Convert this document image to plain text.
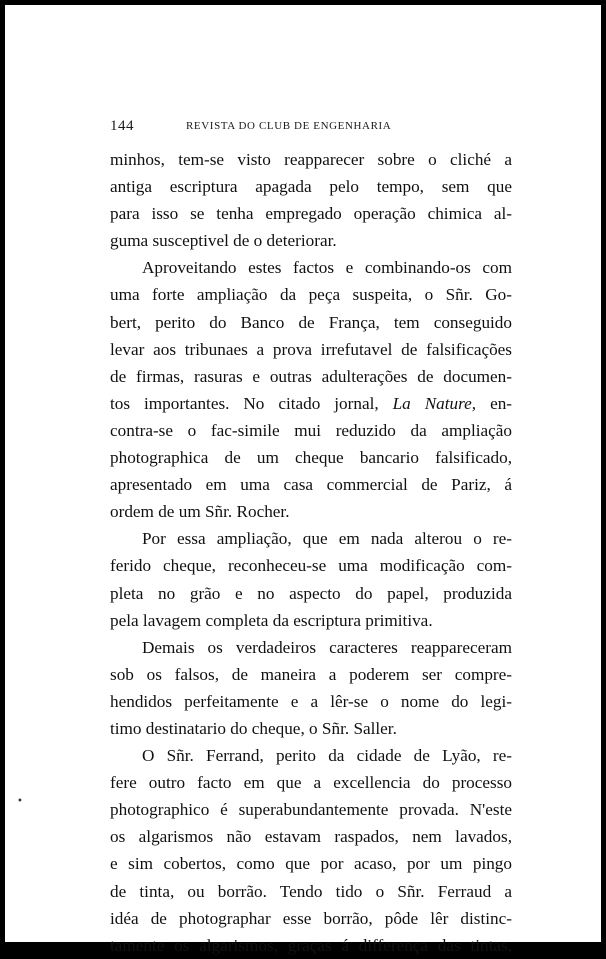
144	REVISTA DO CLUB DE ENGENHARIA
minhos, tem-se visto reapparecer sobre o cliché a
antiga escriptura apagada pelo tempo, sem que
para isso se tenha empregado operação chimica al-
guma susceptivel de o deteriorar.
Aproveitando estes factos e combinando-os com
uma forte ampliação da peça suspeita, o Sñr. Go-
bert, perito do Banco de França, tem conseguido
levar aos tribunaes a prova irrefutavel de falsificações
de firmas, rasuras e outras adulterações de documen-
tos importantes. No citado jornal, La Nature, en-
contra-se o fac-simile mui reduzido da ampliação
photographica de um cheque bancario falsificado,
apresentado em uma casa commercial de Pariz, á
ordem de um Sñr. Rocher.
Por essa ampliação, que em nada alterou o re-
ferido cheque, reconheceu-se uma modificação com-
pleta no grão e no aspecto do papel, produzida
pela lavagem completa da escriptura primitiva.
Demais os verdadeiros caracteres reappareceram
sob os falsos, de maneira a poderem ser compre-
hendidos perfeitamente e a lêr-se o nome do legi-
timo destinatario do cheque, o Sñr. Saller.
O Sñr. Ferrand, perito da cidade de Lyão, re-
fere outro facto em que a excellencia do processo
photographico é superabundantemente provada. N'este
os algarismos não estavam raspados, nem lavados,
e sim cobertos, como que por acaso, por um pingo
de tinta, ou borrão. Tendo tido o Sñr. Ferraud a
idéa de photographar esse borrão, pôde lêr distinc-
tamente os algarismos, graças á differença das tintas,
•
